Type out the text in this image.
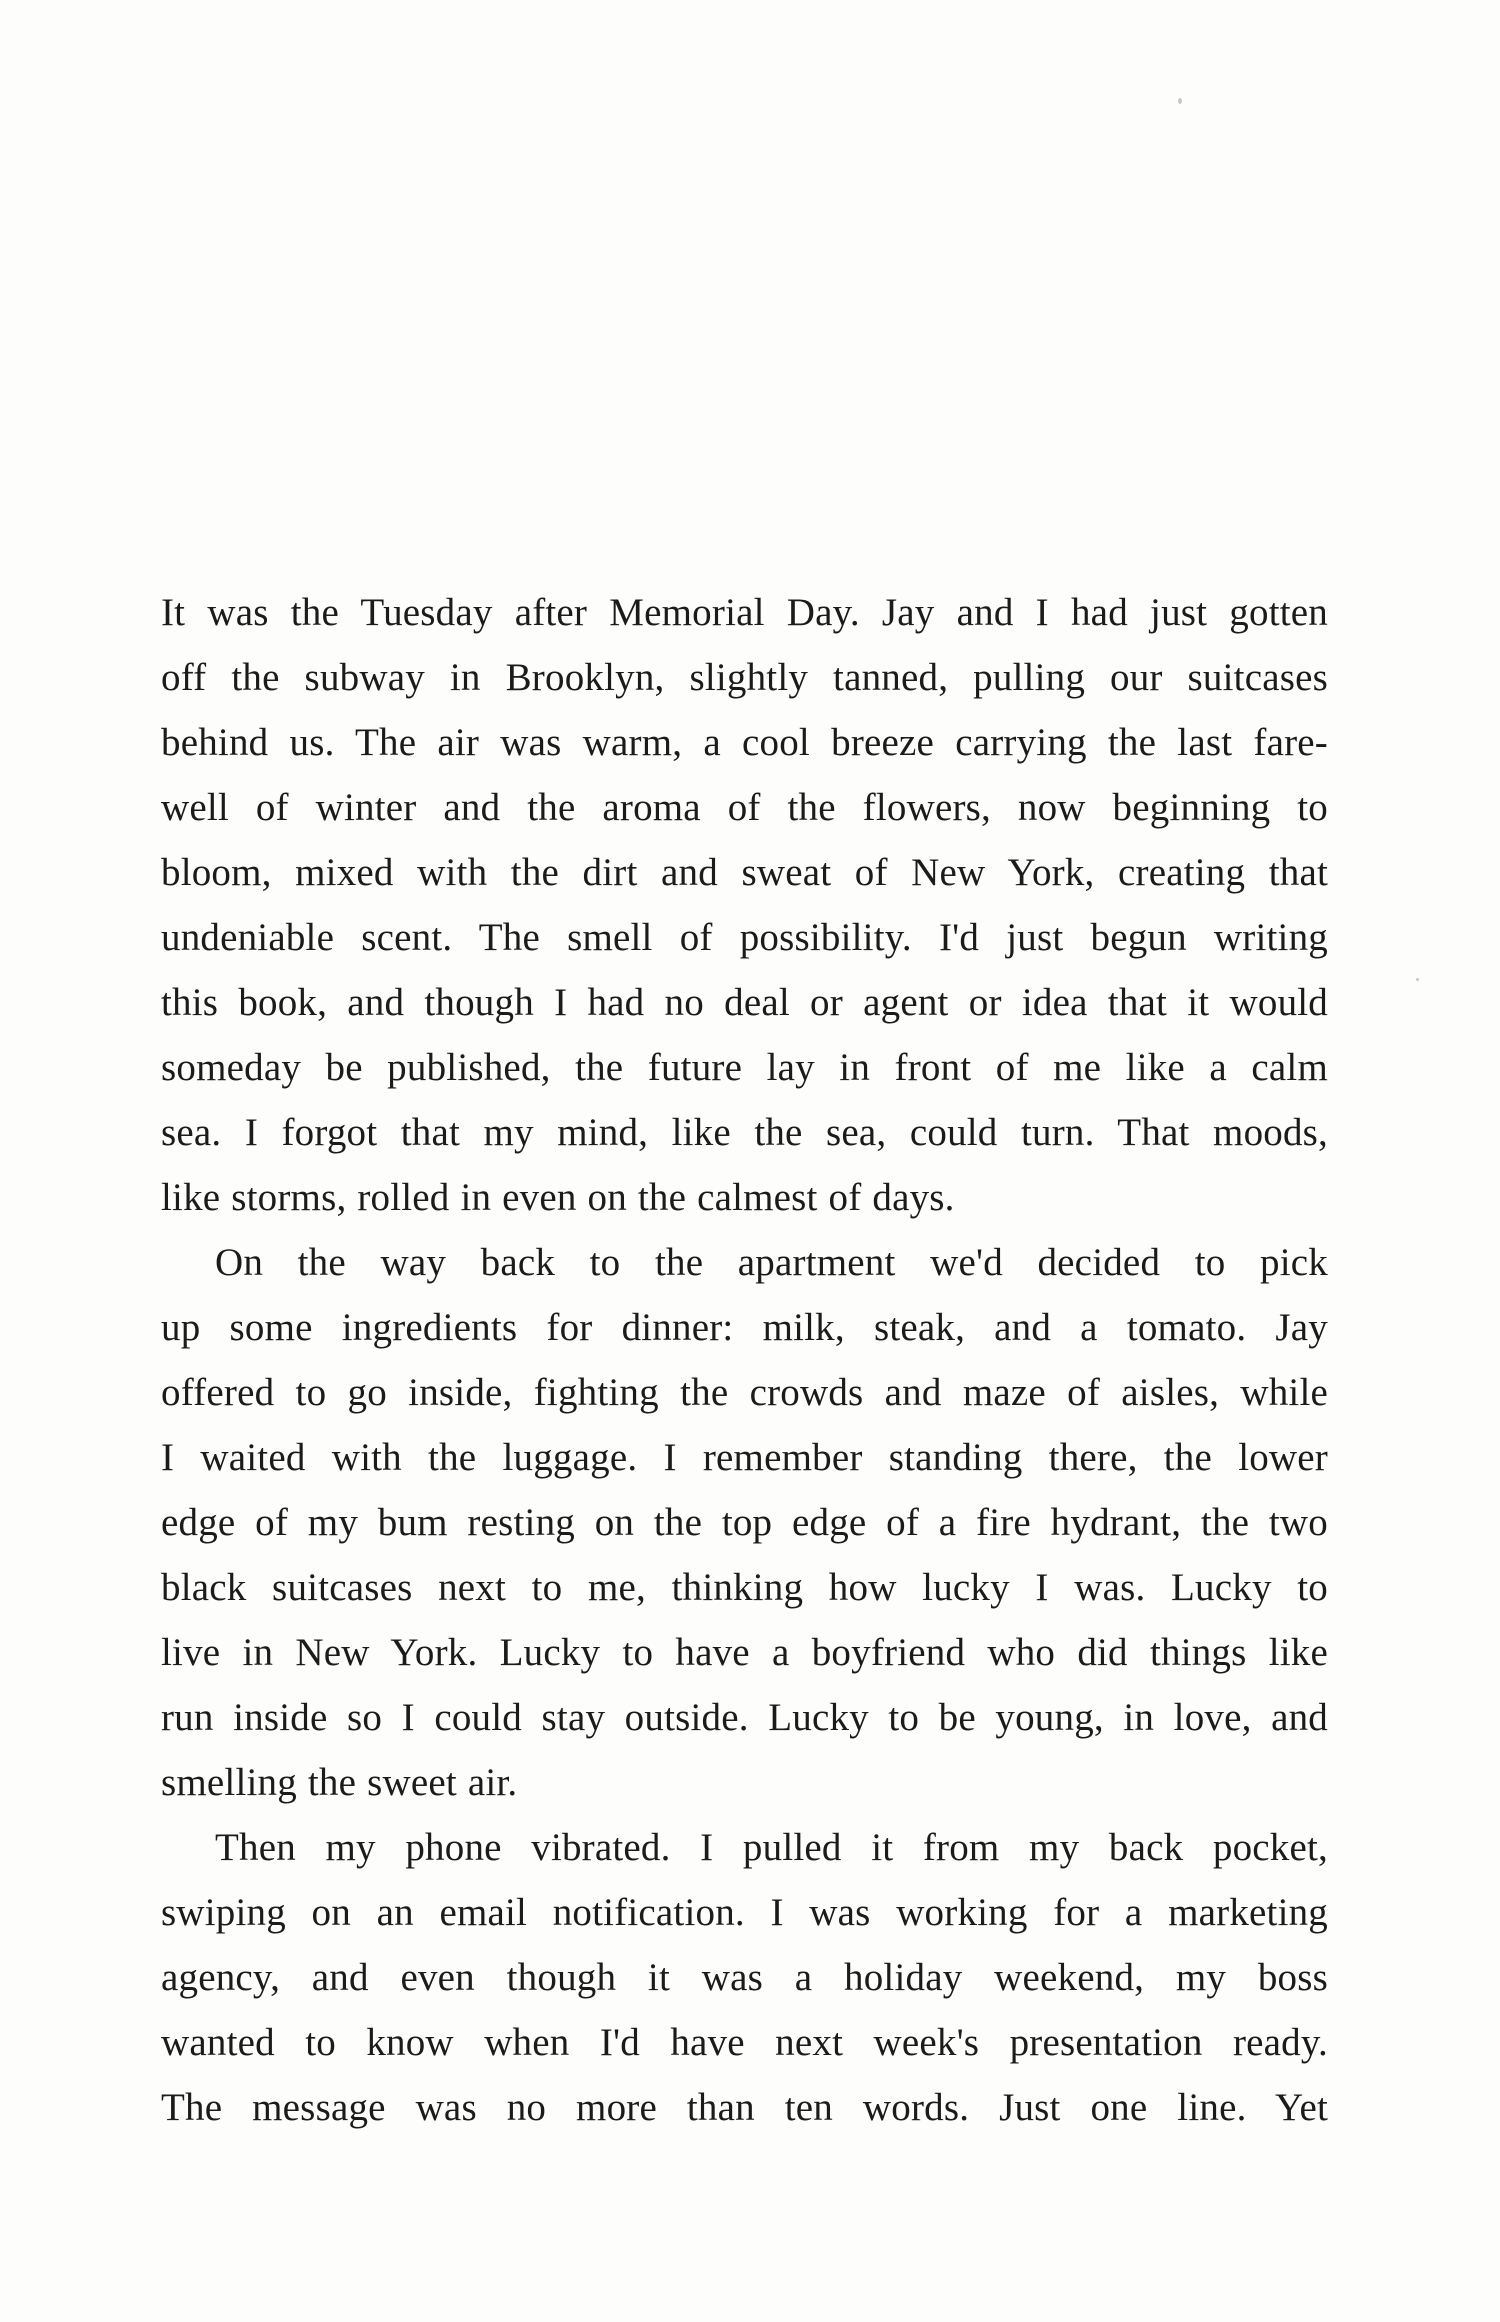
It was the Tuesday after Memorial Day. Jay and I had just gotten
off the subway in Brooklyn, slightly tanned, pulling our suitcases
behind us. The air was warm, a cool breeze carrying the last fare-
well of winter and the aroma of the flowers, now beginning to
bloom, mixed with the dirt and sweat of New York, creating that
undeniable scent. The smell of possibility. I'd just begun writing
this book, and though I had no deal or agent or idea that it would
someday be published, the future lay in front of me like a calm
sea. I forgot that my mind, like the sea, could turn. That moods,
like storms, rolled in even on the calmest of days.

On the way back to the apartment we'd decided to pick
up some ingredients for dinner: milk, steak, and a tomato. Jay
offered to go inside, fighting the crowds and maze of aisles, while
I waited with the luggage. I remember standing there, the lower
edge of my bum resting on the top edge of a fire hydrant, the two
black suitcases next to me, thinking how lucky I was. Lucky to
live in New York. Lucky to have a boyfriend who did things like
run inside so I could stay outside. Lucky to be young, in love, and
smelling the sweet air.

Then my phone vibrated. I pulled it from my back pocket,
swiping on an email notification. I was working for a marketing
agency, and even though it was a holiday weekend, my boss
wanted to know when I'd have next week's presentation ready.
The message was no more than ten words. Just one line. Yet
